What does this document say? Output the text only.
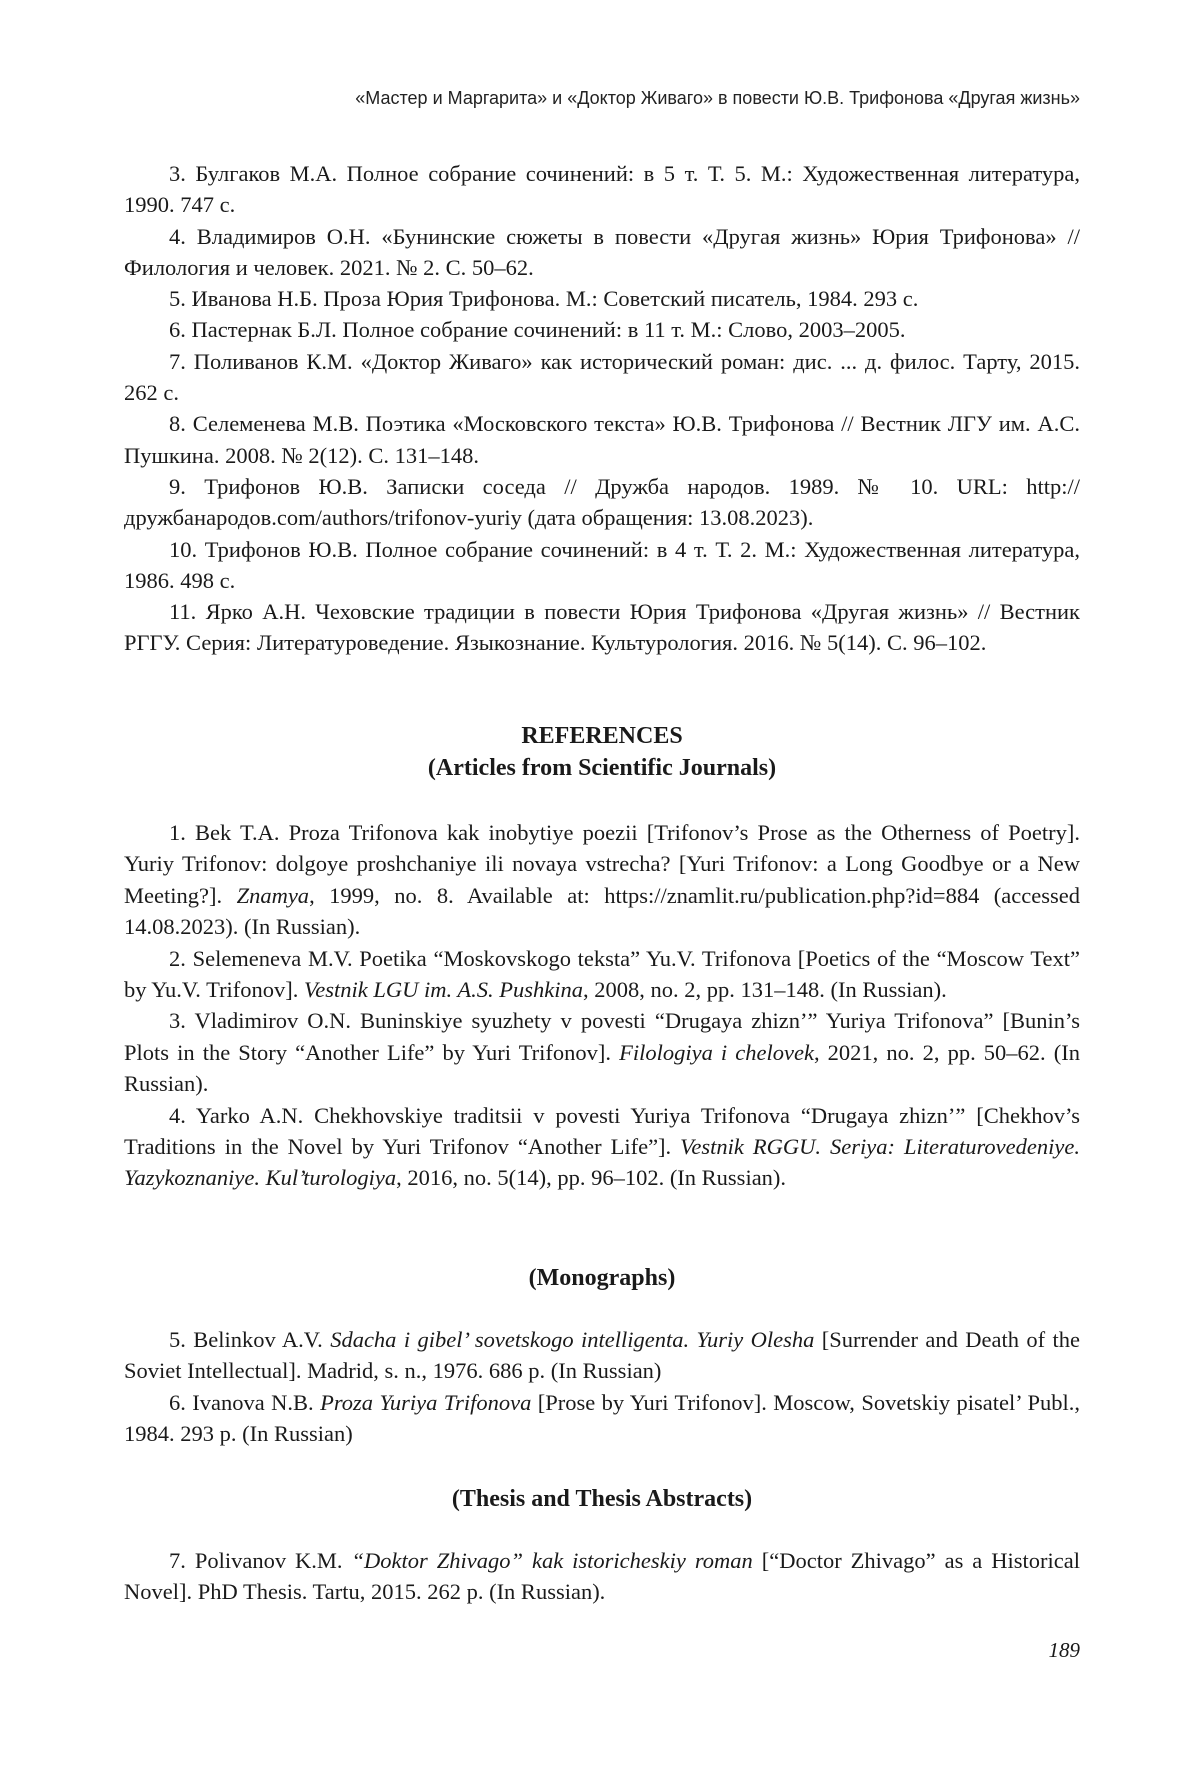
«Мастер и Маргарита» и «Доктор Живаго» в повести Ю.В. Трифонова «Другая жизнь»

3. Булгаков М.А. Полное собрание сочинений: в 5 т. Т. 5. М.: Художественная литература, 1990. 747 с.

4. Владимиров О.Н. «Бунинские сюжеты в повести «Другая жизнь» Юрия Трифонова» // Филология и человек. 2021. № 2. С. 50–62.

5. Иванова Н.Б. Проза Юрия Трифонова. М.: Советский писатель, 1984. 293 с.

6. Пастернак Б.Л. Полное собрание сочинений: в 11 т. М.: Слово, 2003–2005.

7. Поливанов К.М. «Доктор Живаго» как исторический роман: дис. ... д. филос. Тарту, 2015. 262 с.

8. Селеменева М.В. Поэтика «Московского текста» Ю.В. Трифонова // Вестник ЛГУ им. А.С. Пушкина. 2008. № 2(12). С. 131–148.

9. Трифонов Ю.В. Записки соседа // Дружба народов. 1989. № 10. URL: http://дружбанародов.com/authors/trifonov-yuriy (дата обращения: 13.08.2023).

10. Трифонов Ю.В. Полное собрание сочинений: в 4 т. Т. 2. М.: Художественная литература, 1986. 498 с.

11. Ярко А.Н. Чеховские традиции в повести Юрия Трифонова «Другая жизнь» // Вестник РГГУ. Серия: Литературоведение. Языкознание. Культурология. 2016. № 5(14). С. 96–102.

REFERENCES
(Articles from Scientific Journals)

1. Bek T.A. Proza Trifonova kak inobytiye poezii [Trifonov’s Prose as the Otherness of Poetry]. Yuriy Trifonov: dolgoye proshchaniye ili novaya vstrecha? [Yuri Trifonov: a Long Goodbye or a New Meeting?]. Znamya, 1999, no. 8. Available at: https://znamlit.ru/publication.php?id=884 (accessed 14.08.2023). (In Russian).

2. Selemeneva M.V. Poetika “Moskovskogo teksta” Yu.V. Trifonova [Poetics of the “Moscow Text” by Yu.V. Trifonov]. Vestnik LGU im. A.S. Pushkina, 2008, no. 2, pp. 131–148. (In Russian).

3. Vladimirov O.N. Buninskiye syuzhety v povesti “Drugaya zhizn’” Yuriya Trifonova” [Bunin’s Plots in the Story “Another Life” by Yuri Trifonov]. Filologiya i chelovek, 2021, no. 2, pp. 50–62. (In Russian).

4. Yarko A.N. Chekhovskiye traditsii v povesti Yuriya Trifonova “Drugaya zhizn’” [Chekhov’s Traditions in the Novel by Yuri Trifonov “Another Life”]. Vestnik RGGU. Seriya: Literaturovedeniye. Yazykoznaniye. Kul’turologiya, 2016, no. 5(14), pp. 96–102. (In Russian).

(Monographs)

5. Belinkov A.V. Sdacha i gibel’ sovetskogo intelligenta. Yuriy Olesha [Surrender and Death of the Soviet Intellectual]. Madrid, s. n., 1976. 686 p. (In Russian)

6. Ivanova N.B. Proza Yuriya Trifonova [Prose by Yuri Trifonov]. Moscow, Sovetskiy pisatel’ Publ., 1984. 293 p. (In Russian)

(Thesis and Thesis Abstracts)

7. Polivanov K.M. “Doktor Zhivago” kak istoricheskiy roman [“Doctor Zhivago” as a Historical Novel]. PhD Thesis. Tartu, 2015. 262 p. (In Russian).

189
